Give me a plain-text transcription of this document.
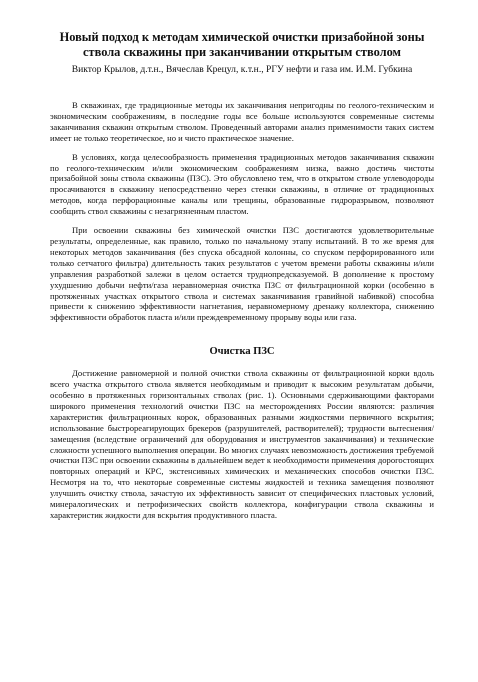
Новый подход к методам химической очистки призабойной зоны
ствола скважины при заканчивании открытым стволом
Виктор Крылов, д.т.н., Вячеслав Крецул, к.т.н., РГУ нефти и газа им. И.М. Губкина

В скважинах, где традиционные методы их заканчивания непригодны по геолого-техническим и экономическим соображениям, в последние годы все больше используются современные системы заканчивания скважин открытым стволом. Проведенный авторами анализ применимости таких систем имеет не только теоретическое, но и чисто практическое значение.

В условиях, когда целесообразность применения традиционных методов заканчивания скважин по геолого-техническим и/или экономическим соображениям низка, важно достичь чистоты призабойной зоны ствола скважины (ПЗС). Это обусловлено тем, что в открытом стволе углеводороды просачиваются в скважину непосредственно через стенки скважины, в отличие от традиционных методов, когда перфорационные каналы или трещины, образованные гидроразрывом, позволяют сообщить ствол скважины с незагрязненным пластом.

При освоении скважины без химической очистки ПЗС достигаются удовлетворительные результаты, определенные, как правило, только по начальному этапу испытаний. В то же время для некоторых методов заканчивания (без спуска обсадной колонны, со спуском перфорированного или только сетчатого фильтра) длительность таких результатов с учетом времени работы скважины и/или управления разработкой залежи в целом остается труднопредсказуемой. В дополнение к простому ухудшению добычи нефти/газа неравномерная очистка ПЗС от фильтрационной корки (особенно в протяженных участках открытого ствола и системах заканчивания гравийной набивкой) способна привести к снижению эффективности нагнетания, неравномерному дренажу коллектора, снижению эффективности обработок пласта и/или преждевременному прорыву воды или газа.

Очистка ПЗС

Достижение равномерной и полной очистки ствола скважины от фильтрационной корки вдоль всего участка открытого ствола является необходимым и приводит к высоким результатам добычи, особенно в протяженных горизонтальных стволах (рис. 1). Основными сдерживающими факторами широкого применения технологий очистки ПЗС на месторождениях России являются: различия характеристик фильтрационных корок, образованных разными жидкостями первичного вскрытия; использование быстрореагирующих брекеров (разрушителей, растворителей); трудности вытеснения/замещения (вследствие ограничений для оборудования и инструментов заканчивания) и технические сложности успешного выполнения операции. Во многих случаях невозможность достижения требуемой очистки ПЗС при освоении скважины в дальнейшем ведет к необходимости применения дорогостоящих повторных операций и КРС, экстенсивных химических и механических способов очистки ПЗС. Несмотря на то, что некоторые современные системы жидкостей и техника замещения позволяют улучшить очистку ствола, зачастую их эффективность зависит от специфических пластовых условий, минералогических и петрофизических свойств коллектора, конфигурации ствола скважины и характеристик жидкости для вскрытия продуктивного пласта.
